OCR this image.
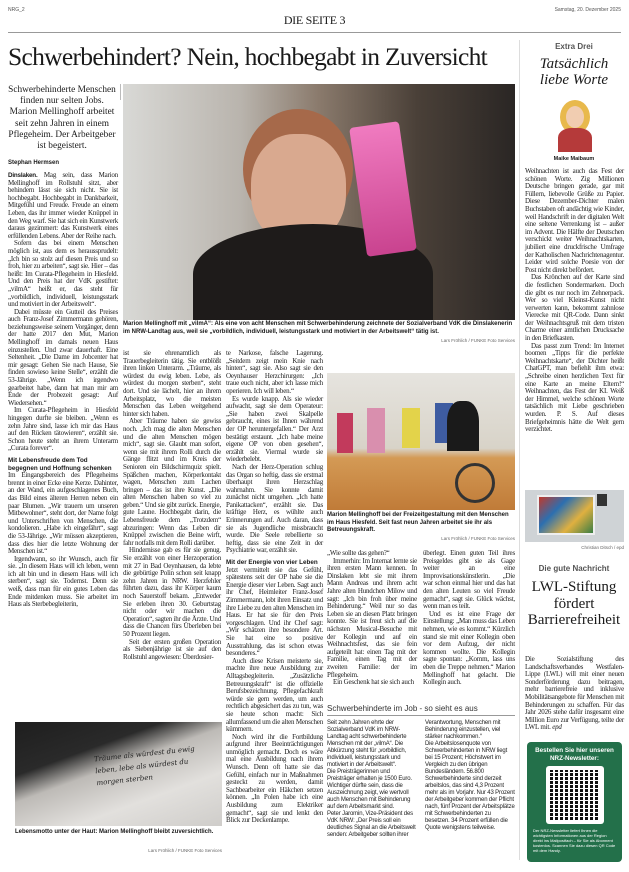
NRG_2
DIE SEITE 3
Samstag, 20. Dezember 2025
Schwerbehindert? Nein, hochbegabt in Zuversicht
Schwerbehinderte Menschen finden nur selten Jobs. Marion Mellinghoff arbeitet seit zehn Jahren in einem Pflegeheim. Der Arbeitgeber ist begeistert.
Stephan Hermsen

Dinslaken. Mag sein, dass Marion Mellinghoff im Rollstuhl sitzt, aber behindern lässt sie sich nicht. Sie ist hochbegabt. Hochbegabt in Dankbarkeit, Mitgefühl und Freude. Freude an einem Leben, das ihr immer wieder Knüppel in den Weg warf. Sie hat sich ein Kunstwerk daraus gezimmert: das Kunstwerk eines erfüllenden Lebens. Aber der Reihe nach.

Sofern das bei einem Menschen möglich ist, aus dem es heraussprudelt: „Ich bin so stolz auf diesen Preis und so froh, hier zu arbeiten“, sagt sie. Hier – das heißt: Im Curata-Pflegeheim in Hiesfeld. Und den Preis hat der VdK gestiftet: „vilmA“ heißt er, das steht für „vorbildlich, individuell, leistungsstark und motiviert in der Arbeitswelt“.

Dabei müsste ein Gutteil des Preises auch Franz-Josef Zimmermann gehören, beziehungsweise seinem Vorgänger, denn der hatte 2017 den Mut, Marion Mellinghoff im damals neuen Haus einzustellen. Und zwar dauerhaft. Eine Seltenheit. „Die Dame im Jobcenter hat mir gesagt: Gehen Sie nach Hause, Sie finden sowieso keine Stelle“, erzählt die 53-Jährige. „Wenn ich irgendwo gearbeitet habe, dann hat man mir am Ende der Probezeit gesagt: Auf Wiedersehen.“

Im Curata-Pflegeheim in Hiesfeld hingegen durfte sie bleiben. „Wenn es zehn Jahre sind, lasse ich mir das Haus auf den Rücken tätowieren“, erzählt sie. Schon heute steht an ihrem Unterarm „Curata forever“.

Mit Lebensfreude dem Tod begegnen und Hoffnung schenken

Im Eingangsbereich des Pflegeheims brennt in einer Ecke eine Kerze. Dahinter, an der Wand, ein aufgeschlagenes Buch, das Bild eines älteren Herren neben ein paar Blumen. „Wir trauern um unseren Mitbewohner“, steht dort, der Name folgt und Unterschriften von Menschen, die kondolieren. „Habe ich eingefährt“, sagt die 53-Jährige. „Wir müssen akzeptieren, dass dies hier die letzte Wohnung der Menschen ist.“

Irgendwann, so ihr Wunsch, auch für sie. „In diesem Haus will ich leben, wenn ich alt bin und in diesem Haus will ich sterben“, sagt sie. Todernst. Denn sie weiß, dass man für ein gutes Leben das Ende mitdenken muss. Sie arbeitet im Haus als Sterbebegleiterin,

Marion Mellinghoff mit „vilmA“: Als eine von acht Menschen mit Schwerbehinderung zeichnete der Sozialverband VdK die Dinslakenerin im NRW-Landtag aus, weil sie „vorbildlich, individuell, leistungsstark und motiviert in der Arbeitswelt“ tätig ist.
Lars Fröhlich / FUNKE Foto Services

ist sie ehrenamtlich als Trauerbegleiterin tätig. Sie entblößt ihren linken Unterarm. „Träume, als würdest du ewig leben. Lebe, als würdest du morgen sterben“, steht dort. Und sie lächelt, hier an ihrem Arbeitsplatz, wo die meisten Menschen das Leben weitgehend hinter sich haben.

Aber Träume haben sie gewiss noch. „Ich mag die alten Menschen und die alten Menschen mögen mich“, sagt sie. Glaubt man sofort, wenn sie mit ihrem Rolli durch die Gänge flitzt und im Kreis der Senioren ein Bildschirmquiz spielt. Späßchen machen, Körperkontakt wagen, Menschen zum Lachen bringen – das ist ihre Kunst. „Die alten Menschen haben so viel zu geben.“ Und sie gibt zurück. Energie, gute Laune. Hochbegabt darin, die Lebensfreude dem „Trotzdem“ abzuringen: Wenn das Leben dir Knüppel zwischen die Beine wirft, fahr notfalls mit dem Rolli darüber.

Hindernisse gab es für sie genug. Sie erzählt von einer Herzoperation mit 27 in Bad Oeynhausen, da lebte die gebürtige Polin schon seit knapp zehn Jahren in NRW. Herzfehler führten dazu, dass ihr Körper kaum noch Sauerstoff bekam. „Entweder Sie erleben ihren 30. Geburtstag nicht oder wir machen die Operation“, sagten ihr die Ärzte. Und dass die Chancen fürs Überleben bei 50 Prozent liegen.

Seit der ersten großen Operation als Siebenjährige ist sie auf den Rollstuhl angewiesen: Überdosier-

te Narkose, falsche Lagerung. „Seitdem zeigt mein Knie nach hinten“, sagt sie. Also sagt sie den Oeynhauser Herzchirurgen: „Ich traue euch nicht, aber ich lasse mich operieren. Ich will leben.“

Es wurde knapp. Als sie wieder aufwacht, sagt sie dem Operateur: „Sie haben zwei Skalpelle gebraucht, eines ist Ihnen während der OP heruntergefallen.“ Der Arzt bestätigt erstaunt. „Ich habe meine eigene OP von oben gesehen“, erzählt sie. Viermal wurde sie wiederbelebt.

Nach der Herz-Operation schlug das Organ so heftig, dass sie erstmal überhaupt ihren Herzschlag wahrnahm. Sie konnte damit zunächst nicht umgehen. „Ich hatte Panikattacken“, erzählt sie. Das kräftige Herz, es wühlte auch Erinnerungen auf. Auch daran, dass sie als Jugendliche missbraucht wurde. Die Seele rebellierte so heftig, dass sie eine Zeit in der Psychiatrie war, erzählt sie.

Mit der Energie von vier Leben

Jetzt vermittelt sie das Gefühl, spätestens seit der OP habe sie die Energie dieser vier Leben. Sagt auch ihr Chef, Heimleiter Franz-Josef Zimmermann, lobt ihren Einsatz und ihre Liebe zu den alten Menschen im Haus. Er hat sie für den Preis vorgeschlagen. Und ihr Chef sagt: „Wir schätzen ihre besondere Art. Sie hat eine so positive Ausstrahlung, das ist schon etwas besonderes.“

Auch diese Krisen meisterte sie, machte ihre neue Ausbildung zur Alltagsbegleiterin. „Zusätzliche Betreuungskraft“ ist die offizielle Berufsbezeichnung. Pflegefachkraft würde sie gern werden, um auch rechtlich abgesichert das zu tun, was sie heute schon macht: Sich allumfassend um die alten Menschen kümmern.

Noch wird ihr die Fortbildung aufgrund ihrer Beeinträchtigungen unmöglich gemacht. Doch es wäre mal eine Ausbildung nach ihrem Wunsch. Denn oft hatte sie das Gefühl, einfach nur in Maßnahmen gesteckt zu werden, damit Sachbearbeiter ein Häkchen setzen können. „In Polen habe ich eine Ausbildung zum Elektriker gemacht“, sagt sie und lenkt den Blick zur Deckenlampe.

Marion Mellinghoff bei der Freizeitgestaltung mit den Menschen im Haus Hiesfeld. Seit fast neun Jahren arbeitet sie ihr als Betreuungskraft.
Lars Fröhlich / FUNKE Foto Services

„Wie sollte das gehen?“

Immerhin: Im Internat lernte sie ihren ersten Mann kennen. In Dinslaken lebt sie mit ihrem Mann Andreas und ihrem acht Jahre alten Hundchen Milow und sagt: „Ich bin froh über meine Behinderung.“ Weil nur so das Leben sie an diesen Platz bringen konnte. Sie ist freut sich auf die nächsten Musical-Besuche mit der Kollegin und auf ein Weihnachtsfest, das sie fein aufgeteilt hat: einen Tag mit der Familie, einen Tag mit der zweiten Familie: der im Pflegeheim.

Ein Geschenk hat sie sich auch

überlegt. Einen guten Teil ihres Preisgeldes gibt sie als Gage weiter an eine Improvisationskünstlerin. „Die war schon einmal hier und das hat den alten Leuten so viel Freude gemacht“, sagt sie. Glück wächst, wenn man es teilt.

Und es ist eine Frage der Einstellung: „Man muss das Leben nehmen, wie es kommt.“ Kürzlich stand sie mit einer Kollegin oben vor dem Aufzug, der nicht kommen wollte. Die Kollegin sagte spontan: „Komm, lass uns eben die Treppe nehmen.“ Marion Mellinghoff hat gelacht. Die Kollegin auch.

Schwerbehinderte im Job - so sieht es aus
Seit zehn Jahren ehrte der Sozialverband VdK im NRW-Landtag acht schwerbehinderte Menschen mit der „vilmA“. Die Abkürzung steht für „vorbildlich, individuell, leistungsstark und motiviert in der Arbeitswelt“.
Die Preisträgerinnen und Preisträger erhalten je 1500 Euro. Wichtiger dürfte sein, dass die Auszeichnung zeigt, wie wertvoll auch Menschen mit Behinderung auf dem Arbeitsmarkt sind.
Peter Jaromin, Vize-Präsident des VdK NRW: „Der Preis soll ein deutliches Signal an die Arbeitswelt senden: Arbeitgeber sollten ihrer Verantwortung, Menschen mit Behinderung einzustellen, viel stärker nachkommen.“
Die Arbeitslosenquote von Schwerbehinderten in NRW liegt bei 15 Prozent; Höchstwert im Vergleich zu den übrigen Bundesländern. 56.800 Schwerbehinderte sind derzeit arbeitslos, das sind 4,3 Prozent mehr als im Vorjahr. Nur 43 Prozent der Arbeitgeber kommen der Pflicht nach, fünf Prozent der Arbeitsplätze mit Schwerbehinderten zu besetzen. 34 Prozent erfüllen die Quote wenigstens teilweise.
Träume als würdest du ewig leben, lebe als würdest du morgen sterben
Lebensmotto unter der Haut: Marion Mellinghoff bleibt zuversichtlich.
Lars Fröhlich / FUNKE Foto Services
Extra Drei
Tatsächlich liebe Worte
Maike Maibaum

Weihnachten ist auch das Fest der schönen Worte. Zig Millionen Deutsche bringen gerade, gar mit Füllern, liebevolle Grüße zu Papier. Diese Dezember-Dichter malen Buchstaben oft andächtig wie Kinder, weil Handschrift in der digitalen Welt eine seltene Verrenkung ist – außer im Advent. Die Hälfte der Deutschen verschickt weiter Weihnachtskarten, jubiliert eine druckfrische Umfrage der Katholischen Nachrichtenagentur. Leider wird solche Poesie von der Post nicht direkt befördert.

Das Krönchen auf der Karte sind die festlichen Sondermarken. Doch die gibt es nur noch im Zehnerpack. Wer so viel Kleinst-Kunst nicht verwerten kann, bekommt zahnlose Vierecke mit QR-Code. Dann sinkt der Weihnachtsgruß mit dem tristen Charme einer amtlichen Drucksache in den Briefkasten.

Das passt zum Trend: Im Internet boomen „Tipps für die perfekte Weihnachtskarte“, der Dichter heißt ChatGPT, man befiehlt ihm etwa: „Schreibe einen herzlichen Text für eine Karte an meine Eltern!“ Weihnachten, das Fest der KI. Weiß der Himmel, welche schönen Worte tatsächlich mit Liebe geschrieben wurden. P. S. Auf dieses Briefgeheimnis hätte die Welt gern verzichtet.

Christian Ditsch / epd
Die gute Nachricht
LWL-Stiftung fördert Barrierefreiheit

Die Sozialstiftung des Landschaftsverbandes Westfalen-Lippe (LWL) will mit einer neuen Sonderförderung dazu beitragen, mehr barrierefreie und inklusive Mobilitätsangebote für Menschen mit Behinderungen zu schaffen. Für das Jahr 2026 stehe dafür insgesamt eine Million Euro zur Verfügung, teilte der LWL mit. epd

Bestellen Sie hier unseren NRZ-Newsletter:
Der NRZ-Newsletter liefert Ihnen die wichtigsten Informationen aus der Region direkt ins Mailpostfach – für Sie als Abonnent kostenlos. Scannen Sie dazu diesen QR Code mit dem Handy.
